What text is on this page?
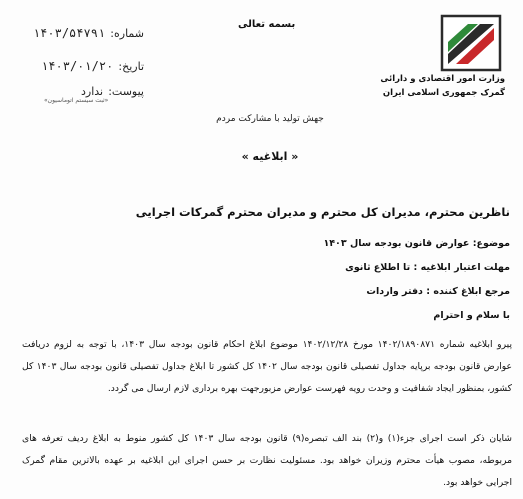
شماره: ۱۴۰۳/۵۴۷۹۱
تاریخ: ۱۴۰۳/۰۱/۲۰
پیوست: ندارد
«ثبت سیستم اتوماسیون»
بسمه تعالی
وزارت امور اقتصادی و دارائی
گمرک جمهوری اسلامی ایران
جهش تولید با مشارکت مردم
« ابلاغیه »
ناظرین محترم، مدیران کل محترم و مدیران محترم گمرکات اجرایی
موضوع: عوارض قانون بودجه سال ۱۴۰۳
مهلت اعتبار ابلاغیه : تا اطلاع ثانوی
مرجع ابلاغ کننده : دفتر واردات
با سلام و احترام
پیرو ابلاغیه شماره ۱۴۰۲/۱۸۹۰۸۷۱ مورخ ۱۴۰۲/۱۲/۲۸ موضوع ابلاغ احکام قانون بودجه سال ۱۴۰۳، با توجه به لزوم دریافت عوارض قانون بودجه برپایه جداول تفصیلی قانون بودجه سال ۱۴۰۲ کل کشور تا ابلاغ جداول تفصیلی قانون بودجه سال ۱۴۰۳ کل کشور، بمنظور ایجاد شفافیت و وحدت رویه فهرست عوارض مزبورجهت بهره برداری لازم ارسال می گردد.
شایان ذکر است اجرای جزء(۱) و(۲) بند الف تبصره(۹) قانون بودجه سال ۱۴۰۳ کل کشور منوط به ابلاغ ردیف تعرفه های مربوطه، مصوب هیأت محترم وزیران خواهد بود. مسئولیت نظارت بر حسن اجرای این ابلاغیه بر عهده بالاترین مقام گمرک اجرایی خواهد بود.
